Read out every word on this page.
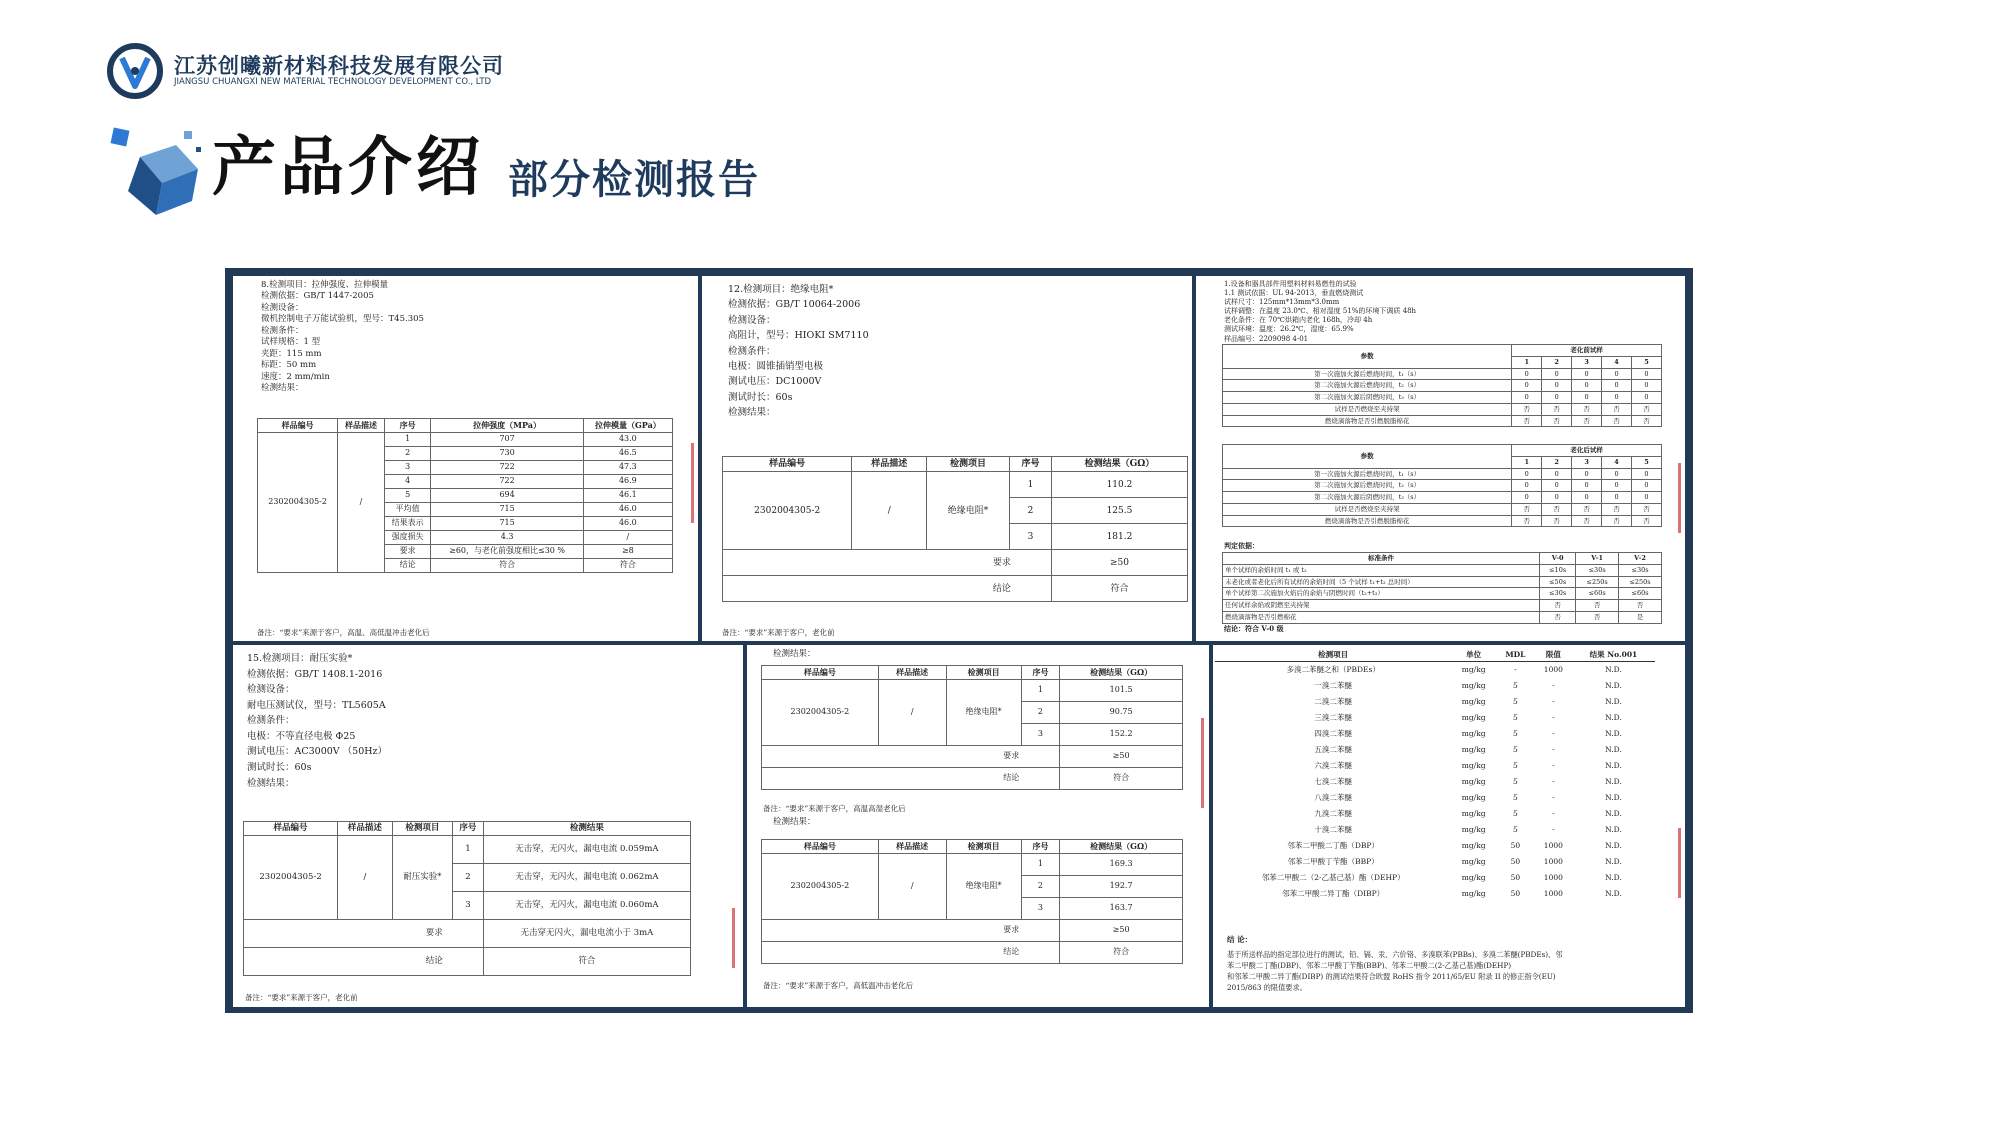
江苏创曦新材料科技发展有限公司
JIANGSU CHUANGXI NEW MATERIAL TECHNOLOGY DEVELOPMENT CO., LTD
产品介绍 部分检测报告
8.检测项目：拉伸强度、拉伸模量
检测依据：GB/T 1447-2005
检测设备：
微机控制电子万能试验机，型号：T45.305
检测条件：
试样规格：1 型
夹距：115 mm
标距：50 mm
速度：2 mm/min
检测结果：
样品编号	样品描述	序号	拉伸强度（MPa）	拉伸模量（GPa）
2302004305-2	/	1	707	43.0
		2	730	46.5
		3	722	47.3
		4	722	46.9
		5	694	46.1
		平均值	715	46.0
		结果表示	715	46.0
		强度损失	4.3	/
		要求	≥60，与老化前强度相比≤30 %	≥8
		结论	符合	符合
备注：“要求”来源于客户，高温、高低温冲击老化后
12.检测项目：绝缘电阻*
检测依据：GB/T 10064-2006
检测设备：
高阻计，型号：HIOKI SM7110
检测条件：
电极：圆锥插销型电极
测试电压：DC1000V
测试时长：60s
检测结果：
样品编号	样品描述	检测项目	序号	检测结果（GΩ）
2302004305-2	/	绝缘电阻*	1	110.2
			2	125.5
			3	181.2
要求				≥50
结论				符合
备注：“要求”来源于客户，老化前
1.设备和器具部件用塑料材料易燃性的试验
1.1 测试依据：UL 94-2013，垂直燃烧测试
试样尺寸：125mm*13mm*3.0mm
试样调整：在温度 23.0℃、相对湿度 51%的环境下调质 48h
老化条件：在 70℃烘箱内老化 168h，冷却 4h
测试环境：温度：26.2℃，湿度：65.9%
样品编号：2209098 4-01
参数	老化前试样				
	1	2	3	4	5
第一次施加火源后燃烧时间，t₁（s）	0	0	0	0	0
第二次施加火源后燃烧时间，t₂（s）	0	0	0	0	0
第二次施加火源后阴燃时间，t₃（s）	0	0	0	0	0
试样是否燃烧至夹持架	否	否	否	否	否
燃烧滴落物是否引燃脱脂棉花	否	否	否	否	否
参数	老化后试样				
	1	2	3	4	5
第一次施加火源后燃烧时间，t₁（s）	0	0	0	0	0
第二次施加火源后燃烧时间，t₂（s）	0	0	0	0	0
第二次施加火源后阴燃时间，t₃（s）	0	0	0	0	0
试样是否燃烧至夹持架	否	否	否	否	否
燃烧滴落物是否引燃脱脂棉花	否	否	否	否	否
判定依据：
标准条件	V-0	V-1	V-2
单个试样的余焰时间 t₁ 或 t₂	≤10s	≤30s	≤30s
未老化或者老化后所有试样的余焰时间（5 个试样 t₁+t₂ 总时间）	≤50s	≤250s	≤250s
单个试样第二次施加火焰后的余焰与阴燃时间（t₂+t₃）	≤30s	≤60s	≤60s
任何试样余焰或阴燃至夹持架	否	否	否
燃烧滴落物是否引燃棉花	否	否	是
结论：符合 V-0 级
15.检测项目：耐压实验*
检测依据：GB/T 1408.1-2016
检测设备：
耐电压测试仪，型号：TL5605A
检测条件：
电极：不等直径电极 Φ25
测试电压：AC3000V （50Hz）
测试时长：60s
检测结果：
样品编号	样品描述	检测项目	序号	检测结果
2302004305-2	/	耐压实验*	1	无击穿，无闪火，漏电电流 0.059mA
			2	无击穿，无闪火，漏电电流 0.062mA
			3	无击穿，无闪火，漏电电流 0.060mA
要求				无击穿无闪火，漏电电流小于 3mA
结论				符合
备注：“要求”来源于客户，老化前
检测结果：
样品编号	样品描述	检测项目	序号	检测结果（GΩ）
2302004305-2	/	绝缘电阻*	1	101.5
			2	90.75
			3	152.2
要求				≥50
结论				符合
备注：“要求”来源于客户，高温高湿老化后
检测结果：
样品编号	样品描述	检测项目	序号	检测结果（GΩ）
2302004305-2	/	绝缘电阻*	1	169.3
			2	192.7
			3	163.7
要求				≥50
结论				符合
备注：“要求”来源于客户，高低温冲击老化后
检测项目	单位	MDL	限值	结果 No.001
多溴二苯醚之和（PBDEs）	mg/kg	-	1000	N.D.
一溴二苯醚	mg/kg	5	-	N.D.
二溴二苯醚	mg/kg	5	-	N.D.
三溴二苯醚	mg/kg	5	-	N.D.
四溴二苯醚	mg/kg	5	-	N.D.
五溴二苯醚	mg/kg	5	-	N.D.
六溴二苯醚	mg/kg	5	-	N.D.
七溴二苯醚	mg/kg	5	-	N.D.
八溴二苯醚	mg/kg	5	-	N.D.
九溴二苯醚	mg/kg	5	-	N.D.
十溴二苯醚	mg/kg	5	-	N.D.
邻苯二甲酸二丁酯（DBP）	mg/kg	50	1000	N.D.
邻苯二甲酸丁苄酯（BBP）	mg/kg	50	1000	N.D.
邻苯二甲酸二（2-乙基己基）酯（DEHP）	mg/kg	50	1000	N.D.
邻苯二甲酸二异丁酯（DIBP）	mg/kg	50	1000	N.D.
结 论：
基于所送样品的指定部位进行的测试，铅、镉、汞、六价铬、多溴联苯(PBBs)、多溴二苯醚(PBDEs)、邻
苯二甲酸二丁酯(DBP)、邻苯二甲酸丁苄酯(BBP)、邻苯二甲酸二(2-乙基己基)酯(DEHP)
和邻苯二甲酸二异丁酯(DIBP) 的测试结果符合欧盟 RoHS 指令 2011/65/EU 附录 II 的修正指令(EU)
2015/863 的限值要求。
